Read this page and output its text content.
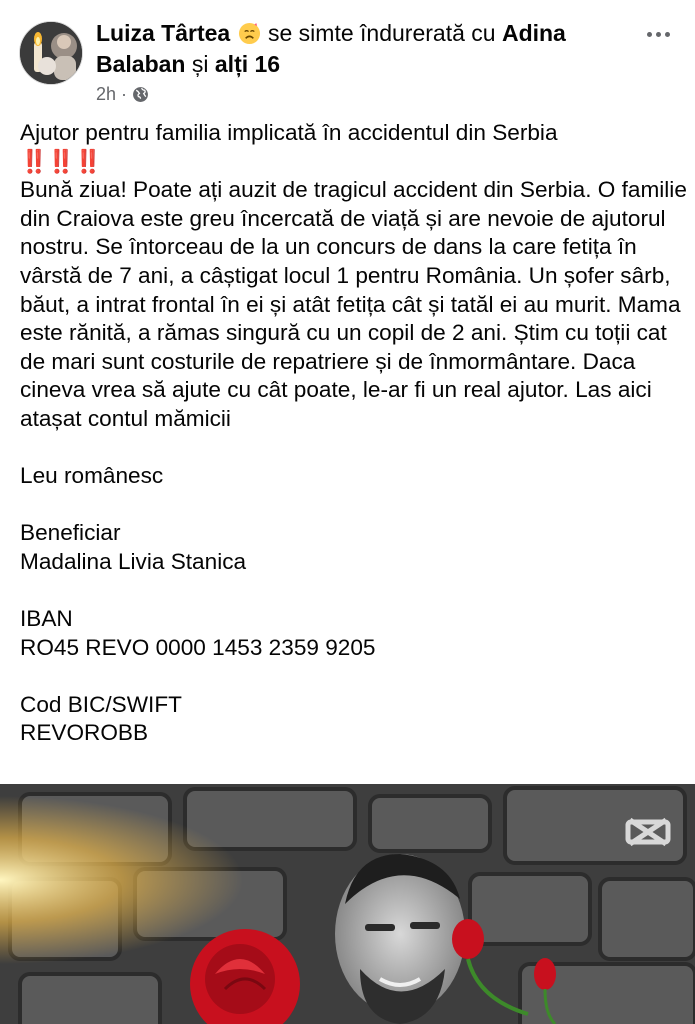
Luiza Târtea se simte îndurerată cu Adina Balaban și alți 16
2h ·
Ajutor pentru familia implicată în accidentul din Serbia
‼️‼️‼️
Bună ziua! Poate ați auzit de tragicul accident din Serbia. O familie din Craiova este greu încercată de viață și are nevoie de ajutorul nostru. Se întorceau de la un concurs de dans la care fetița în vârstă de 7 ani, a câștigat locul 1 pentru România. Un șofer sârb, băut, a intrat frontal în ei și atât fetița cât și tatăl ei au murit. Mama este rănită, a rămas singură cu un copil de 2 ani. Știm cu toții cat de mari sunt costurile de repatriere și de înmormântare. Daca cineva vrea să ajute cu cât poate, le-ar fi un real ajutor. Las aici atașat contul mămicii

Leu românesc

Beneficiar
Madalina Livia Stanica

IBAN
RO45 REVO 0000 1453 2359 9205

Cod BIC/SWIFT
REVOROBB
